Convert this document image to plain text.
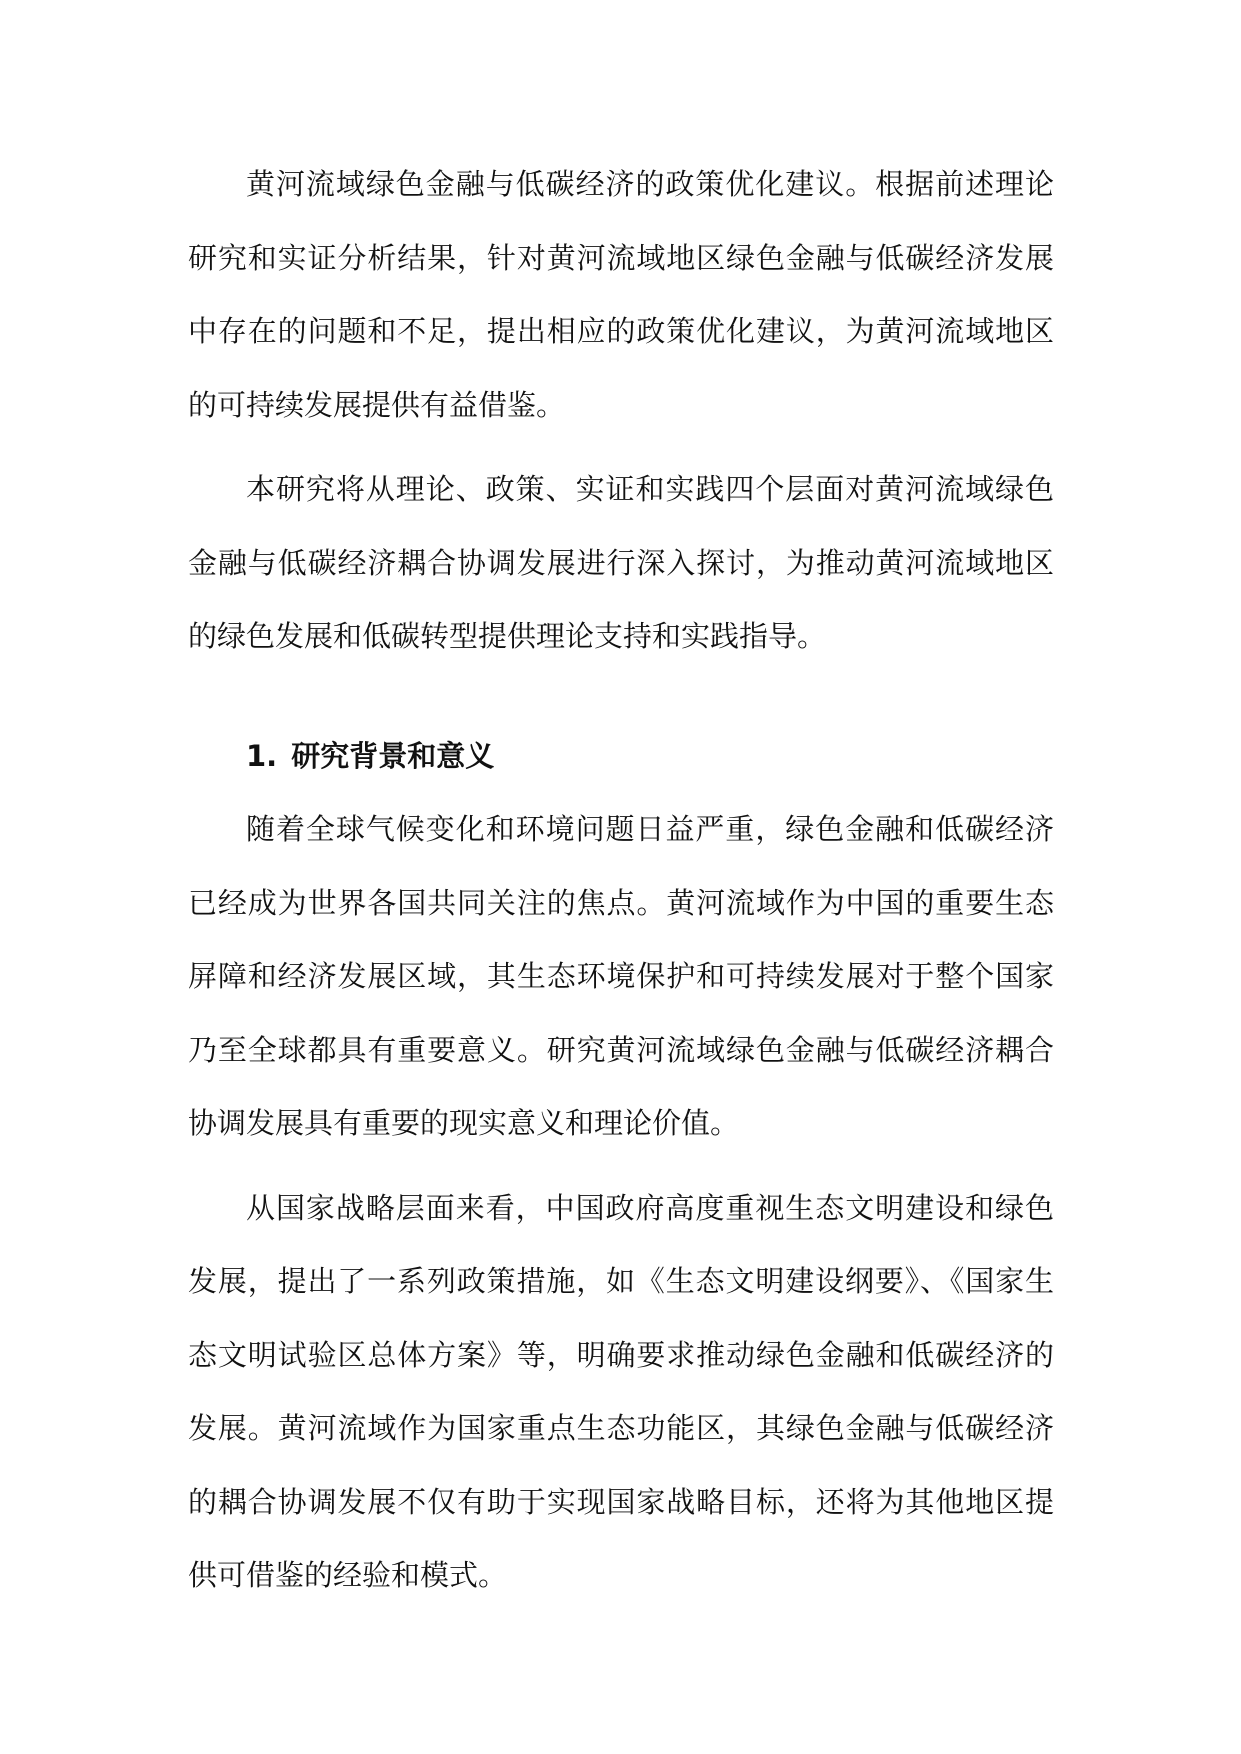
黄河流域绿色金融与低碳经济的政策优化建议。根据前述理论研究和实证分析结果，针对黄河流域地区绿色金融与低碳经济发展中存在的问题和不足，提出相应的政策优化建议，为黄河流域地区的可持续发展提供有益借鉴。

本研究将从理论、政策、实证和实践四个层面对黄河流域绿色金融与低碳经济耦合协调发展进行深入探讨，为推动黄河流域地区的绿色发展和低碳转型提供理论支持和实践指导。

1. 研究背景和意义

随着全球气候变化和环境问题日益严重，绿色金融和低碳经济已经成为世界各国共同关注的焦点。黄河流域作为中国的重要生态屏障和经济发展区域，其生态环境保护和可持续发展对于整个国家乃至全球都具有重要意义。研究黄河流域绿色金融与低碳经济耦合协调发展具有重要的现实意义和理论价值。

从国家战略层面来看，中国政府高度重视生态文明建设和绿色发展，提出了一系列政策措施，如《生态文明建设纲要》、《国家生态文明试验区总体方案》等，明确要求推动绿色金融和低碳经济的发展。黄河流域作为国家重点生态功能区，其绿色金融与低碳经济的耦合协调发展不仅有助于实现国家战略目标，还将为其他地区提供可借鉴的经验和模式。
